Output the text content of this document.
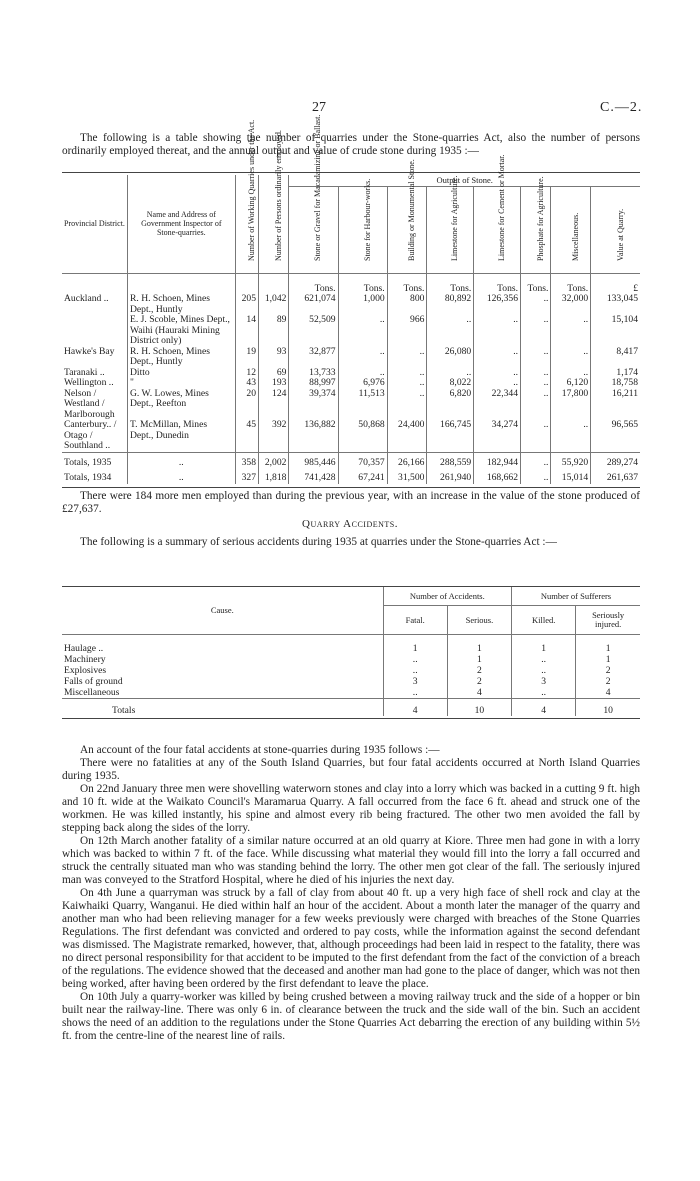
27	C.—2.
The following is a table showing the number of quarries under the Stone-quarries Act, also the number of persons ordinarily employed thereat, and the annual output and value of crude stone during 1935 :—
Provincial District.	Name and Address of Government Inspector of Stone-quarries.	Number of Working Quarries under the Act.	Number of Persons ordinarily employed.	Output of Stone.							

				Stone or Gravel for Macadamizing or Ballast.	Stone for Harbour-works.	Building or Monumental Stone.	Limestone for Agriculture.	Limestone for Cement or Mortar.	Phosphate for Agriculture.	Miscellaneous.	Value at Quarry.

				Tons.	Tons.	Tons.	Tons.	Tons.	Tons.	Tons.	£
Auckland ..	R. H. Schoen, Mines Dept., Huntly	205	1,042	621,074	1,000	800	80,892	126,356	..	32,000	133,045
	E. J. Scoble, Mines Dept., Waihi (Hauraki Mining District only)	14	89	52,509	..	966	..	..	..	..	15,104
Hawke's Bay	R. H. Schoen, Mines Dept., Huntly	19	93	32,877	..	..	26,080	..	..	..	8,417
Taranaki ..	Ditto	12	69	13,733	..	..	..	..	..	..	1,174
Wellington ..	"	43	193	88,997	6,976	..	8,022	..	..	6,120	18,758
Nelson / Westland / Marlborough	G. W. Lowes, Mines Dept., Reefton	20	124	39,374	11,513	..	6,820	22,344	..	17,800	16,211
Canterbury.. / Otago / Southland ..	T. McMillan, Mines Dept., Dunedin	45	392	136,882	50,868	24,400	166,745	34,274	..	..	96,565
Totals, 1935	..	358	2,002	985,446	70,357	26,166	288,559	182,944	..	55,920	289,274
Totals, 1934	..	327	1,818	741,428	67,241	31,500	261,940	168,662	..	15,014	261,637
There were 184 more men employed than during the previous year, with an increase in the value of the stone produced of £27,637.
Quarry Accidents.
The following is a summary of serious accidents during 1935 at quarries under the Stone-quarries Act :—
Cause.	Number of Accidents.		Number of Sufferers	
	Fatal.	Serious.	Killed.	Seriously injured.

Haulage ..	1	1	1	1
Machinery	..	1	..	1
Explosives	..	2	..	2
Falls of ground	3	2	3	2
Miscellaneous	..	4	..	4
Totals	4	10	4	10
An account of the four fatal accidents at stone-quarries during 1935 follows :—
There were no fatalities at any of the South Island Quarries, but four fatal accidents occurred at North Island Quarries during 1935.
On 22nd January three men were shovelling waterworn stones and clay into a lorry which was backed in a cutting 9 ft. high and 10 ft. wide at the Waikato Council's Maramarua Quarry. A fall occurred from the face 6 ft. ahead and struck one of the workmen. He was killed instantly, his spine and almost every rib being fractured. The other two men avoided the fall by stepping back along the sides of the lorry.
On 12th March another fatality of a similar nature occurred at an old quarry at Kiore. Three men had gone in with a lorry which was backed to within 7 ft. of the face. While discussing what material they would fill into the lorry a fall occurred and struck the centrally situated man who was standing behind the lorry. The other men got clear of the fall. The seriously injured man was conveyed to the Stratford Hospital, where he died of his injuries the next day.
On 4th June a quarryman was struck by a fall of clay from about 40 ft. up a very high face of shell rock and clay at the Kaiwhaiki Quarry, Wanganui. He died within half an hour of the accident. About a month later the manager of the quarry and another man who had been relieving manager for a few weeks previously were charged with breaches of the Stone Quarries Regulations. The first defendant was convicted and ordered to pay costs, while the information against the second defendant was dismissed. The Magistrate remarked, however, that, although proceedings had been laid in respect to the fatality, there was no direct personal responsibility for that accident to be imputed to the first defendant from the fact of the conviction of a breach of the regulations. The evidence showed that the deceased and another man had gone to the place of danger, which was not then being worked, after having been ordered by the first defendant to leave the place.
On 10th July a quarry-worker was killed by being crushed between a moving railway truck and the side of a hopper or bin built near the railway-line. There was only 6 in. of clearance between the truck and the side wall of the bin. Such an accident shows the need of an addition to the regulations under the Stone Quarries Act debarring the erection of any building within 5½ ft. from the centre-line of the nearest line of rails.
